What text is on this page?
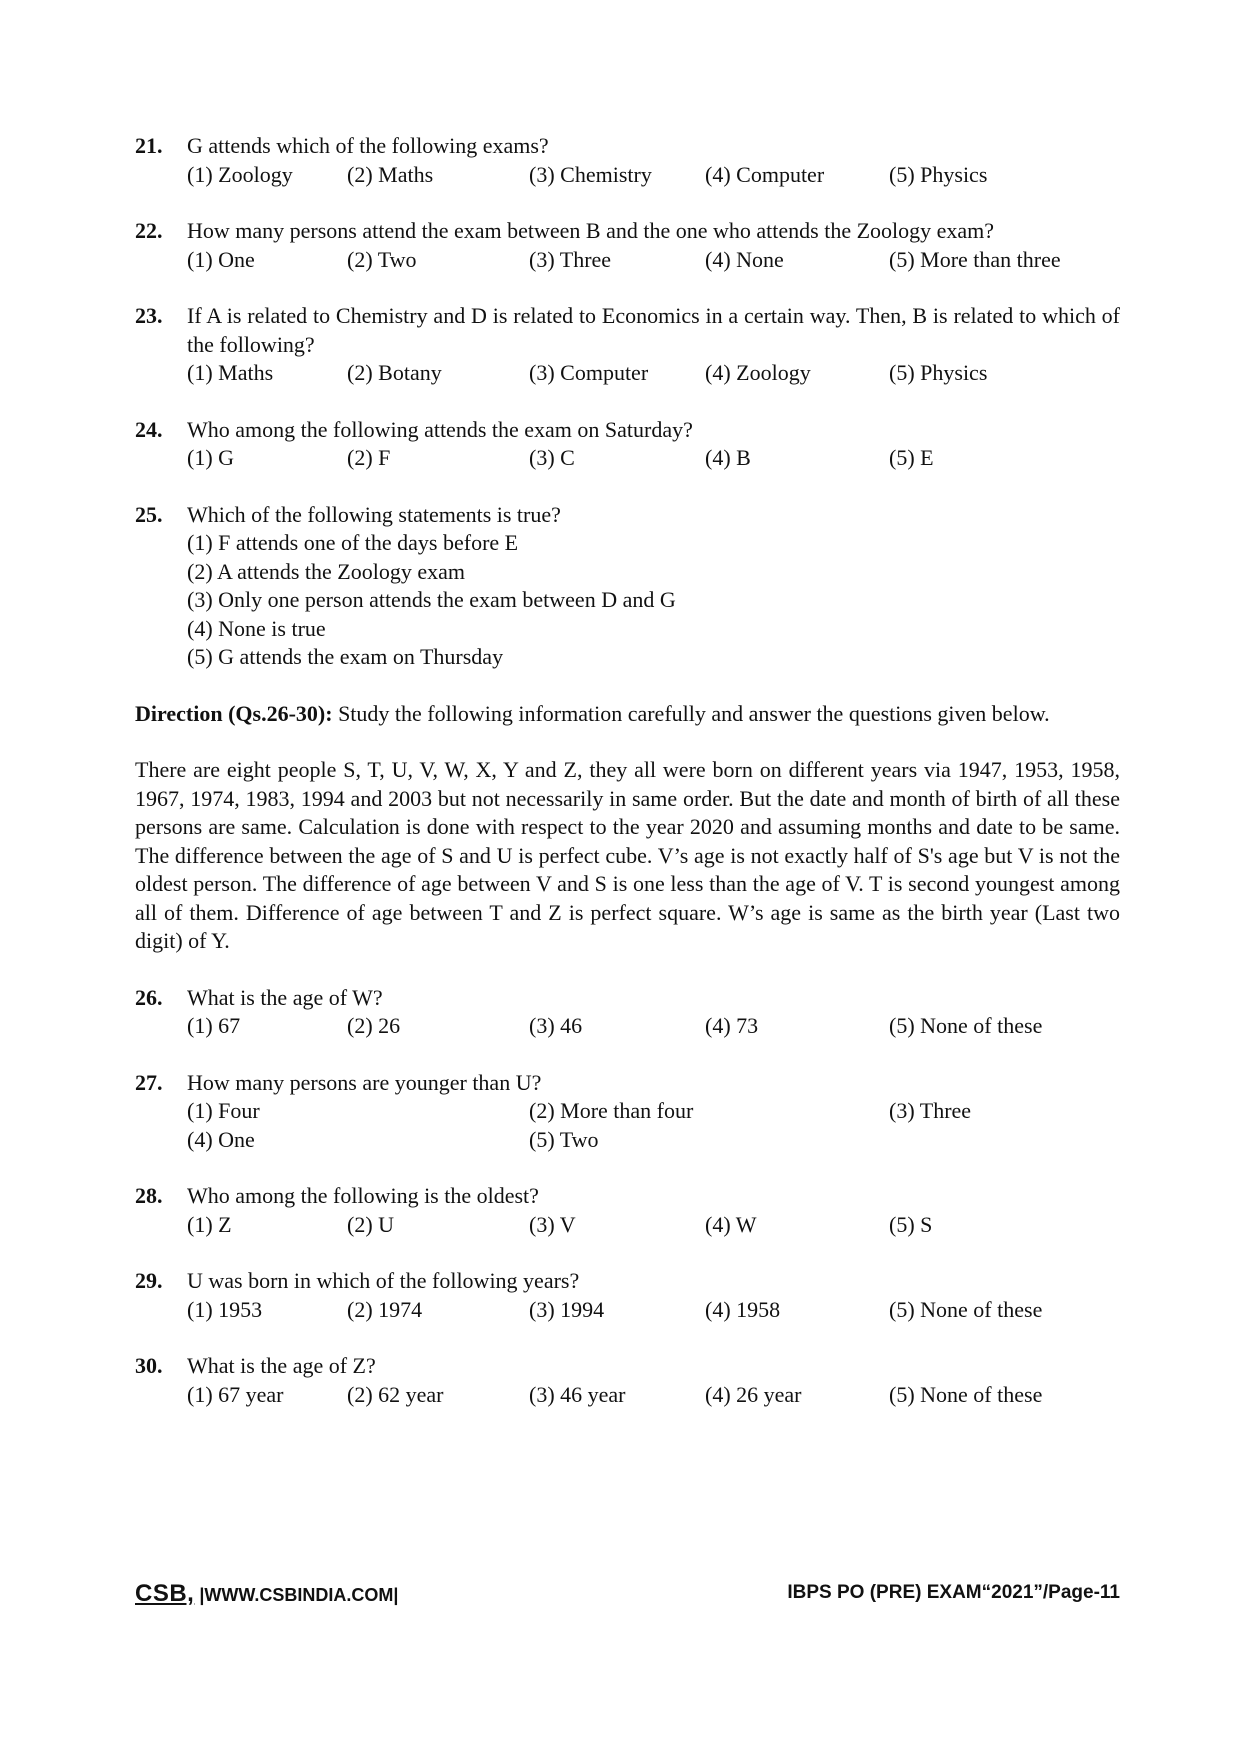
21. G attends which of the following exams?
(1) Zoology	(2) Maths	(3) Chemistry	(4) Computer	(5) Physics
22. How many persons attend the exam between B and the one who attends the Zoology exam?
(1) One	(2) Two	(3) Three	(4) None	(5) More than three
23. If A is related to Chemistry and D is related to Economics in a certain way. Then, B is related to which of the following?
(1) Maths	(2) Botany	(3) Computer	(4) Zoology	(5) Physics
24. Who among the following attends the exam on Saturday?
(1) G	(2) F	(3) C	(4) B	(5) E
25. Which of the following statements is true?
(1) F attends one of the days before E
(2) A attends the Zoology exam
(3) Only one person attends the exam between D and G
(4) None is true
(5) G attends the exam on Thursday
Direction (Qs.26-30): Study the following information carefully and answer the questions given below.
There are eight people S, T, U, V, W, X, Y and Z, they all were born on different years via 1947, 1953, 1958, 1967, 1974, 1983, 1994 and 2003 but not necessarily in same order. But the date and month of birth of all these persons are same. Calculation is done with respect to the year 2020 and assuming months and date to be same. The difference between the age of S and U is perfect cube. V’s age is not exactly half of S's age but V is not the oldest person. The difference of age between V and S is one less than the age of V. T is second youngest among all of them. Difference of age between T and Z is perfect square. W’s age is same as the birth year (Last two digit) of Y.
26. What is the age of W?
(1) 67	(2) 26	(3) 46	(4) 73	(5) None of these
27. How many persons are younger than U?
(1) Four	(2) More than four	(3) Three
(4) One	(5) Two
28. Who among the following is the oldest?
(1) Z	(2) U	(3) V	(4) W	(5) S
29. U was born in which of the following years?
(1) 1953	(2) 1974	(3) 1994	(4) 1958	(5) None of these
30. What is the age of Z?
(1) 67 year	(2) 62 year	(3) 46 year	(4) 26 year	(5) None of these
CSB, |WWW.CSBINDIA.COM|	IBPS PO (PRE) EXAM“2021”/Page-11
